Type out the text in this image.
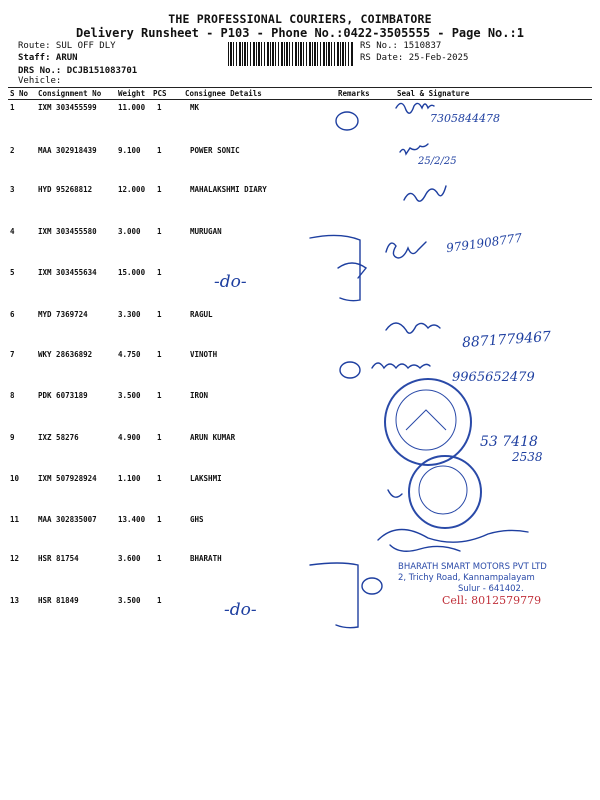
THE PROFESSIONAL COURIERS, COIMBATORE
Delivery Runsheet - P103 - Phone No.:0422-3505555 - Page No.:1
Route: SUL OFF DLY
Staff: ARUN
DRS No.: DCJB151083701
Vehicle:
RS No.: 1510837
RS Date: 25-Feb-2025
S No Consignment No Weight PCS Consignee Details	Remarks	Seal & Signature
1	IXM 303455599	11.000 1	MK
2	MAA 302918439	9.100 1	POWER SONIC
3	HYD 95268812	12.000 1	MAHALAKSHMI DIARY
4	IXM 303455580	3.000 1	MURUGAN
5	IXM 303455634	15.000 1
6	MYD 7369724	3.300 1	RAGUL
7	WKY 28636892	4.750 1	VINOTH
8	PDK 6073189	3.500 1	IRON
9	IXZ 58276	4.900 1	ARUN KUMAR
10	IXM 507928924	1.100 1	LAKSHMI
11	MAA 302835007	13.400 1	GHS
12	HSR 81754	3.600 1	BHARATH
13	HSR 81849	3.500 1
-do-
-do-
7305844478
25/2/25
9791908777
8871779467
9965652479
53 7418
2538
BHARATH SMART MOTORS PVT LTD
2, Trichy Road, Kannampalayam
Sulur - 641402.
Cell: 8012579779
